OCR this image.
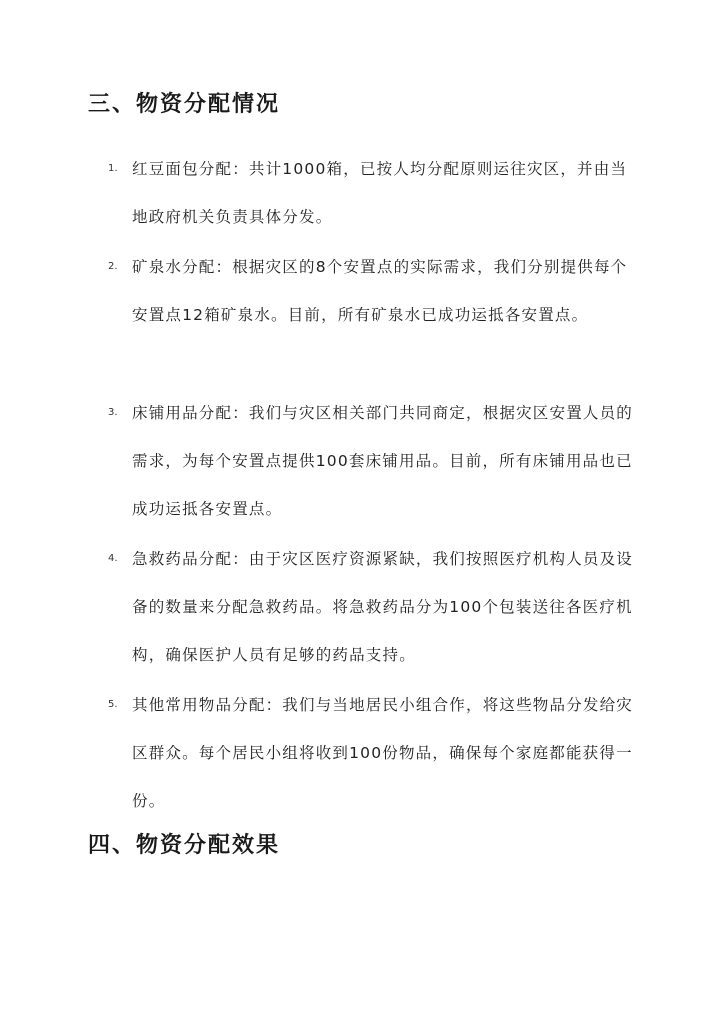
三、物资分配情况
1. 红豆面包分配：共计1000箱，已按人均分配原则运往灾区，并由当地政府机关负责具体分发。

2. 矿泉水分配：根据灾区的8个安置点的实际需求，我们分别提供每个安置点12箱矿泉水。目前，所有矿泉水已成功运抵各安置点。

3. 床铺用品分配：我们与灾区相关部门共同商定，根据灾区安置人员的需求，为每个安置点提供100套床铺用品。目前，所有床铺用品也已成功运抵各安置点。

4. 急救药品分配：由于灾区医疗资源紧缺，我们按照医疗机构人员及设备的数量来分配急救药品。将急救药品分为100个包装送往各医疗机构，确保医护人员有足够的药品支持。

5. 其他常用物品分配：我们与当地居民小组合作，将这些物品分发给灾区群众。每个居民小组将收到100份物品，确保每个家庭都能获得一份。

四、物资分配效果
